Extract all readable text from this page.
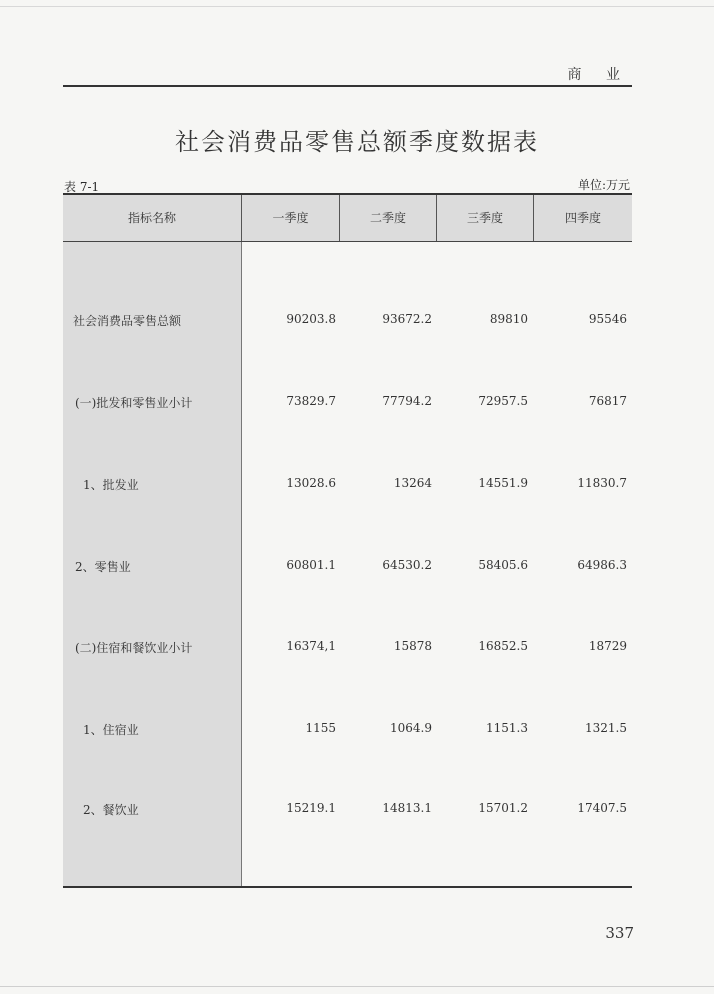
商 业
社会消费品零售总额季度数据表
表 7-1	单位:万元
指标名称	一季度	二季度	三季度	四季度
社会消费品零售总额	90203.8	93672.2	89810	95546
(一)批发和零售业小计	73829.7	77794.2	72957.5	76817
1、批发业	13028.6	13264	14551.9	11830.7
2、零售业	60801.1	64530.2	58405.6	64986.3
(二)住宿和餐饮业小计	16374,1	15878	16852.5	18729
1、住宿业	1155	1064.9	1151.3	1321.5
2、餐饮业	15219.1	14813.1	15701.2	17407.5
337
